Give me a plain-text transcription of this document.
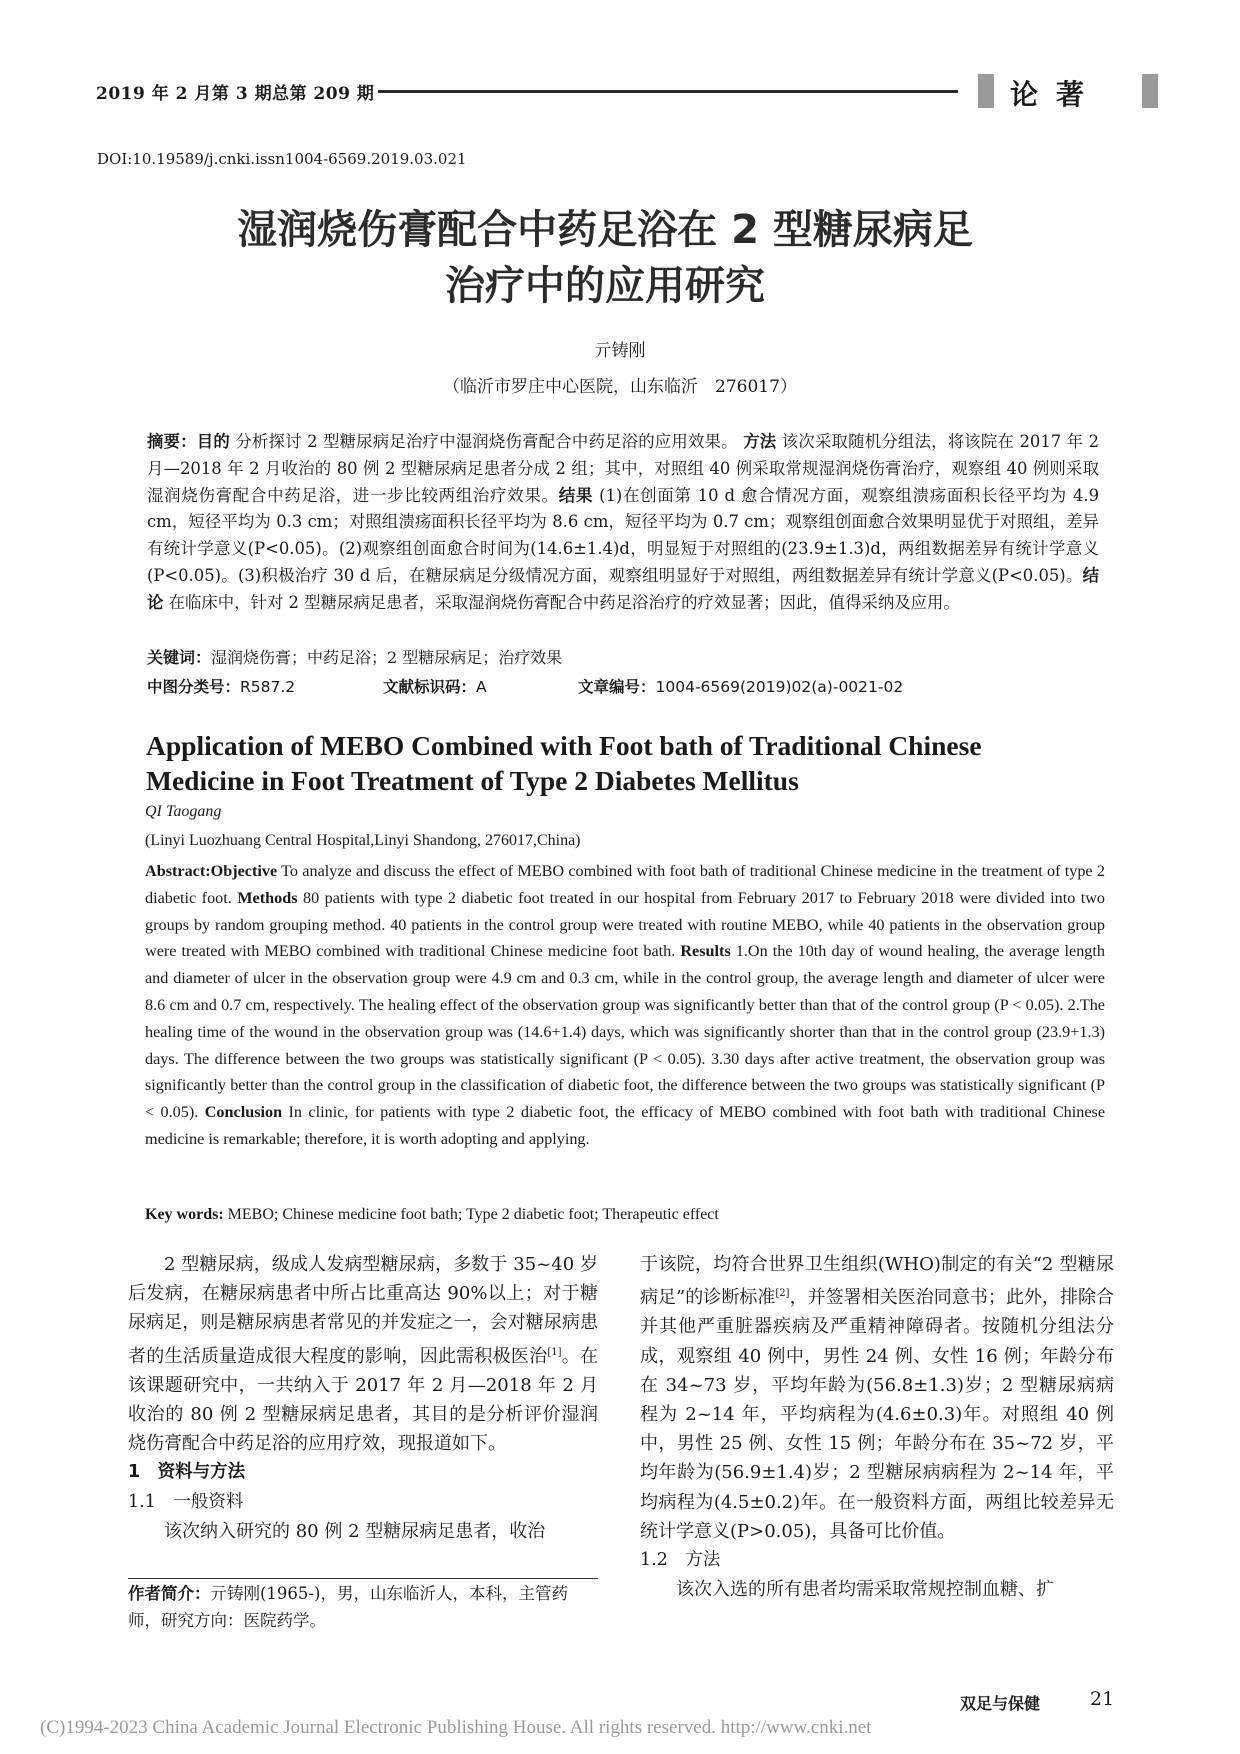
2019 年 2 月第 3 期总第 209 期	论著
DOI:10.19589/j.cnki.issn1004-6569.2019.03.021
湿润烧伤膏配合中药足浴在 2 型糖尿病足
治疗中的应用研究
亓铸刚
（临沂市罗庄中心医院，山东临沂　276017）
摘要：目的 分析探讨 2 型糖尿病足治疗中湿润烧伤膏配合中药足浴的应用效果。 方法 该次采取随机分组法，将该院在 2017 年 2 月—2018 年 2 月收治的 80 例 2 型糖尿病足患者分成 2 组；其中，对照组 40 例采取常规湿润烧伤膏治疗，观察组 40 例则采取湿润烧伤膏配合中药足浴，进一步比较两组治疗效果。结果 (1)在创面第 10 d 愈合情况方面，观察组溃疡面积长径平均为 4.9 cm，短径平均为 0.3 cm；对照组溃疡面积长径平均为 8.6 cm，短径平均为 0.7 cm；观察组创面愈合效果明显优于对照组，差异有统计学意义(P<0.05)。(2)观察组创面愈合时间为(14.6±1.4)d，明显短于对照组的(23.9±1.3)d，两组数据差异有统计学意义(P<0.05)。(3)积极治疗 30 d 后，在糖尿病足分级情况方面，观察组明显好于对照组，两组数据差异有统计学意义(P<0.05)。结论 在临床中，针对 2 型糖尿病足患者，采取湿润烧伤膏配合中药足浴治疗的疗效显著；因此，值得采纳及应用。
关键词：湿润烧伤膏；中药足浴；2 型糖尿病足；治疗效果
中图分类号：R587.2	文献标识码：A	文章编号：1004-6569(2019)02(a)-0021-02
Application of MEBO Combined with Foot bath of Traditional Chinese
Medicine in Foot Treatment of Type 2 Diabetes Mellitus
QI Taogang
(Linyi Luozhuang Central Hospital,Linyi Shandong, 276017,China)
Abstract:Objective To analyze and discuss the effect of MEBO combined with foot bath of traditional Chinese medicine in the treatment of type 2 diabetic foot. Methods 80 patients with type 2 diabetic foot treated in our hospital from February 2017 to February 2018 were divided into two groups by random grouping method. 40 patients in the control group were treated with routine MEBO, while 40 patients in the observation group were treated with MEBO combined with traditional Chinese medicine foot bath. Results 1.On the 10th day of wound healing, the average length and diameter of ulcer in the observation group were 4.9 cm and 0.3 cm, while in the control group, the average length and diameter of ulcer were 8.6 cm and 0.7 cm, respectively. The healing effect of the observation group was significantly better than that of the control group (P < 0.05). 2.The healing time of the wound in the observation group was (14.6+1.4) days, which was significantly shorter than that in the control group (23.9+1.3) days. The difference between the two groups was statistically significant (P < 0.05). 3.30 days after active treatment, the observation group was significantly better than the control group in the classification of diabetic foot, the difference between the two groups was statistically significant (P < 0.05). Conclusion In clinic, for patients with type 2 diabetic foot, the efficacy of MEBO combined with foot bath with traditional Chinese medicine is remarkable; therefore, it is worth adopting and applying.
Key words: MEBO; Chinese medicine foot bath; Type 2 diabetic foot; Therapeutic effect

2 型糖尿病，级成人发病型糖尿病，多数于 35~40 岁后发病，在糖尿病患者中所占比重高达 90%以上；对于糖尿病足，则是糖尿病患者常见的并发症之一，会对糖尿病患者的生活质量造成很大程度的影响，因此需积极医治[1]。在该课题研究中，一共纳入于 2017 年 2 月—2018 年 2 月收治的 80 例 2 型糖尿病足患者，其目的是分析评价湿润烧伤膏配合中药足浴的应用疗效，现报道如下。

1　资料与方法

1.1　一般资料

该次纳入研究的 80 例 2 型糖尿病足患者，收治

作者简介：亓铸刚(1965-)，男，山东临沂人，本科，主管药师，研究方向：医院药学。

于该院，均符合世界卫生组织(WHO)制定的有关“2 型糖尿病足”的诊断标准[2]，并签署相关医治同意书；此外，排除合并其他严重脏器疾病及严重精神障碍者。按随机分组法分成，观察组 40 例中，男性 24 例、女性 16 例；年龄分布在 34~73 岁，平均年龄为(56.8±1.3)岁；2 型糖尿病病程为 2~14 年，平均病程为(4.6±0.3)年。对照组 40 例中，男性 25 例、女性 15 例；年龄分布在 35~72 岁，平均年龄为(56.9±1.4)岁；2 型糖尿病病程为 2~14 年，平均病程为(4.5±0.2)年。在一般资料方面，两组比较差异无统计学意义(P>0.05)，具备可比价值。

1.2　方法

该次入选的所有患者均需采取常规控制血糖、扩

双足与保健	21
(C)1994-2023 China Academic Journal Electronic Publishing House. All rights reserved. http://www.cnki.net
